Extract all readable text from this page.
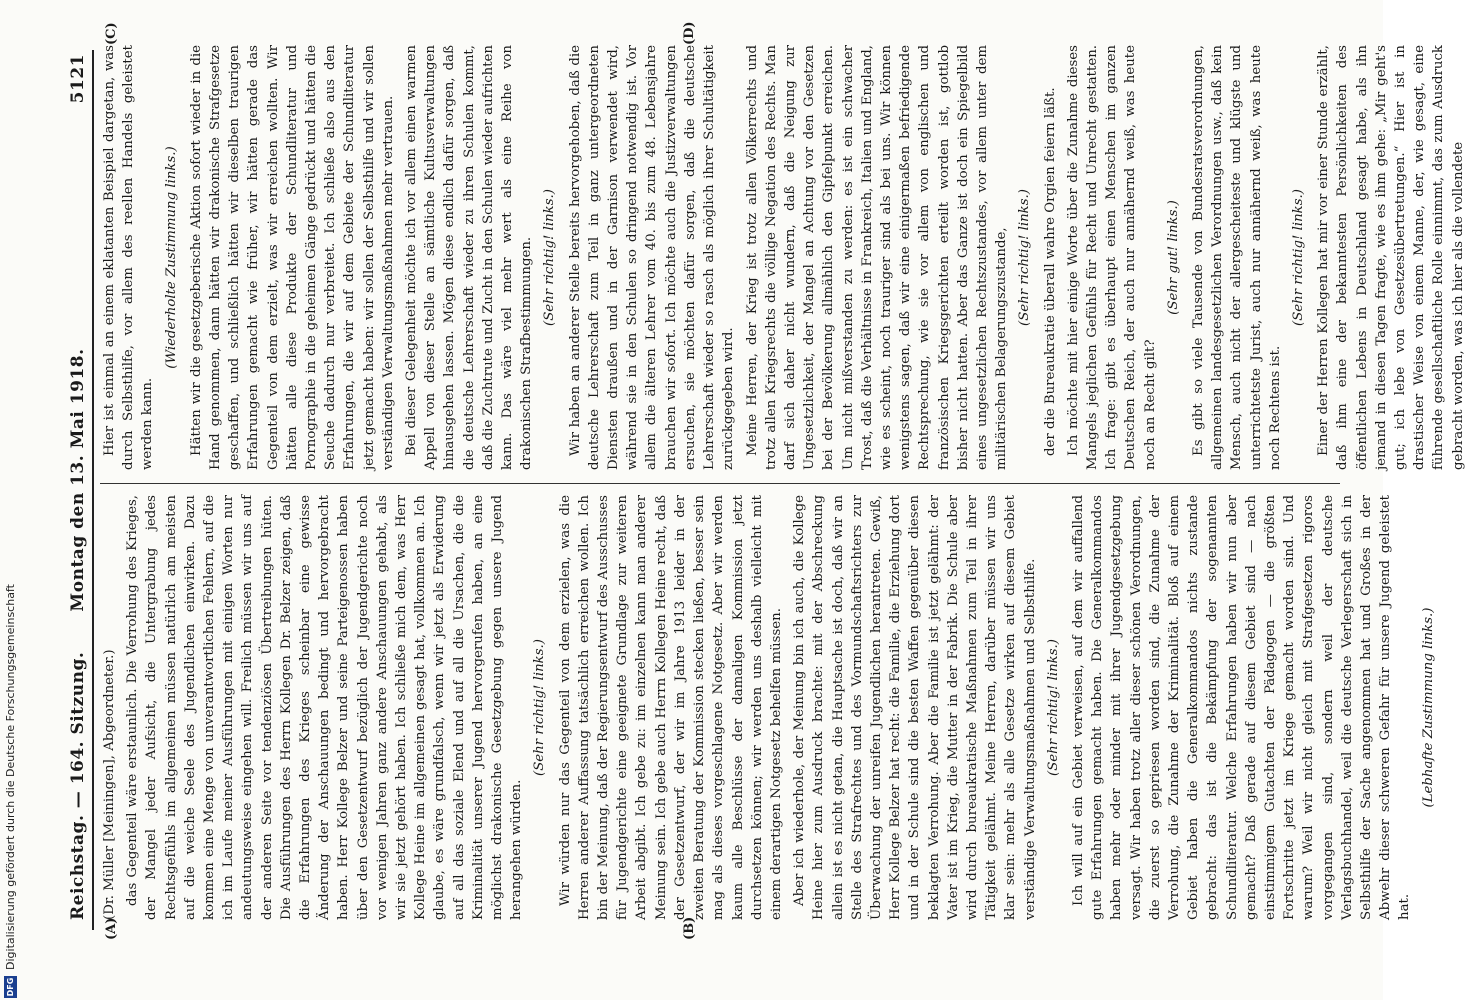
Reichstag. — 164. Sitzung.
Montag den 13. Mai 1918.
5121
(A)	(B)
(C)	(D)

(Dr. Müller [Meiningen], Abgeordneter.) das Gegenteil wäre erstaunlich. Die Verrohung des Krieges, der Mangel jeder Aufsicht, die Untergrabung jedes Rechtsgefühls im allgemeinen müssen natürlich am meisten auf die weiche Seele des Jugendlichen einwirken. Dazu kommen eine Menge von unverantwortlichen Fehlern, auf die ich im Laufe meiner Ausführungen mit einigen Worten nur andeutungsweise eingehen will. Freilich müssen wir uns auf der anderen Seite vor tendenziösen Übertreibungen hüten. Die Ausführungen des Herrn Kollegen Dr. Belzer zeigen, daß die Erfahrungen des Krieges scheinbar eine gewisse Änderung der Anschauungen bedingt und hervorgebracht haben. Herr Kollege Belzer und seine Parteigenossen haben über den Gesetzentwurf bezüglich der Jugendgerichte noch vor wenigen Jahren ganz andere Anschauungen gehabt, als wir sie jetzt gehört haben. Ich schließe mich dem, was Herr Kollege Heine im allgemeinen gesagt hat, vollkommen an. Ich glaube, es wäre grundfalsch, wenn wir jetzt als Erwiderung auf all das soziale Elend und auf all die Ursachen, die die Kriminalität unserer Jugend hervorgerufen haben, an eine möglichst drakonische Gesetzgebung gegen unsere Jugend herangehen würden.

(Sehr richtig! links.) Wir würden nur das Gegenteil von dem erzielen, was die Herren anderer Auffassung tatsächlich erreichen wollen. Ich bin der Meinung, daß der Regierungsentwurf des Ausschusses für Jugendgerichte eine geeignete Grundlage zur weiteren Arbeit abgibt. Ich gebe zu: im einzelnen kann man anderer Meinung sein. Ich gebe auch Herrn Kollegen Heine recht, daß der Gesetzentwurf, der wir im Jahre 1913 leider in der zweiten Beratung der Kommission stecken ließen, besser sein mag als dieses vorgeschlagene Notgesetz. Aber wir werden kaum alle Beschlüsse der damaligen Kommission jetzt durchsetzen können; wir werden uns deshalb vielleicht mit einem derartigen Notgesetz behelfen müssen. Aber ich wiederhole, der Meinung bin ich auch, die Kollege Heine hier zum Ausdruck brachte: mit der Abschreckung allein ist es nicht getan, die Hauptsache ist doch, daß wir an Stelle des Strafrechtes und des Vormundschaftsrichters zur Überwachung der unreifen Jugendlichen herantreten. Gewiß, Herr Kollege Belzer hat recht: die Familie, die Erziehung dort und in der Schule sind die besten Waffen gegenüber diesen beklagten Verrohung. Aber die Familie ist jetzt gelähmt: der Vater ist im Krieg, die Mutter in der Fabrik. Die Schule aber wird durch bureaukratische Maßnahmen zum Teil in ihrer Tätigkeit gelähmt. Meine Herren, darüber müssen wir uns klar sein: mehr als alle Gesetze wirken auf diesem Gebiet verständige Verwaltungsmaßnahmen und Selbsthilfe. (Sehr richtig! links.) Ich will auf ein Gebiet verweisen, auf dem wir auffallend gute Erfahrungen gemacht haben. Die Generalkommandos haben mehr oder minder mit ihrer Jugendgesetzgebung versagt. Wir haben trotz aller dieser schönen Verordnungen, die zuerst so gepriesen worden sind, die Zunahme der Verrohung, die Zunahme der Kriminalität. Bloß auf einem Gebiet haben die Generalkommandos nichts zustande gebracht: das ist die Bekämpfung der sogenannten Schundliteratur. Welche Erfahrungen haben wir nun aber gemacht? Daß gerade auf diesem Gebiet sind — nach einstimmigem Gutachten der Pädagogen — die größten Fortschritte jetzt im Kriege gemacht worden sind. Und warum? Weil wir nicht gleich mit Strafgesetzen rigoros vorgegangen sind, sondern weil der deutsche Verlagsbuchhandel, weil die deutsche Verlegerschaft sich in Selbsthilfe der Sache angenommen hat und Großes in der Abwehr dieser schweren Gefahr für unsere Jugend geleistet hat.

(Lebhafte Zustimmung links.)

Hier ist einmal an einem eklatanten Beispiel dargetan, was durch Selbsthilfe, vor allem des reellen Handels geleistet werden kann.

(Wiederholte Zustimmung links.) Hätten wir die gesetzgeberische Aktion sofort wieder in die Hand genommen, dann hätten wir drakonische Strafgesetze geschaffen, und schließlich hätten wir dieselben traurigen Erfahrungen gemacht wie früher, wir hätten gerade das Gegenteil von dem erzielt, was wir erreichen wollten. Wir hätten alle diese Produkte der Schundliteratur und Pornographie in die geheimen Gänge gedrückt und hätten die Seuche dadurch nur verbreitet. Ich schließe also aus den Erfahrungen, die wir auf dem Gebiete der Schundliteratur jetzt gemacht haben: wir sollen der Selbsthilfe und wir sollen verständigen Verwaltungsmaßnahmen mehr vertrauen. Bei dieser Gelegenheit möchte ich vor allem einen warmen Appell von dieser Stelle an sämtliche Kultusverwaltungen hinausgehen lassen. Mögen diese endlich dafür sorgen, daß die deutsche Lehrerschaft wieder zu ihren Schulen kommt, daß die Zuchtrute und Zucht in den Schulen wieder aufrichten kann. Das wäre viel mehr wert als eine Reihe von drakonischen Strafbestimmungen. (Sehr richtig! links.) Wir haben an anderer Stelle bereits hervorgehoben, daß die deutsche Lehrerschaft zum Teil in ganz untergeordneten Diensten draußen und in der Garnison verwendet wird, während sie in den Schulen so dringend notwendig ist. Vor allem die älteren Lehrer vom 40. bis zum 48. Lebensjahre brauchen wir sofort. Ich möchte auch die Justizverwaltungen ersuchen, sie möchten dafür sorgen, daß die deutsche Lehrerschaft wieder so rasch als möglich ihrer Schultätigkeit zurückgegeben wird. Meine Herren, der Krieg ist trotz allen Völkerrechts und trotz allen Kriegsrechts die völlige Negation des Rechts. Man darf sich daher nicht wundern, daß die Neigung zur Ungesetzlichkeit, der Mangel an Achtung vor den Gesetzen bei der Bevölkerung allmählich den Gipfelpunkt erreichen. Um nicht mißverstanden zu werden: es ist ein schwacher Trost, daß die Verhältnisse in Frankreich, Italien und England, wie es scheint, noch trauriger sind als bei uns. Wir können wenigstens sagen, daß wir eine einigermaßen befriedigende Rechtsprechung, wie sie vor allem von englischen und französischen Kriegsgerichten erteilt worden ist, gottlob bisher nicht hatten. Aber das Ganze ist doch ein Spiegelbild eines ungesetzlichen Rechtszustandes, vor allem unter dem militärischen Belagerungszustande, (Sehr richtig! links.) der die Bureaukratie überall wahre Orgien feiern läßt. Ich möchte mit hier einige Worte über die Zunahme dieses Mangels jeglichen Gefühls für Recht und Unrecht gestatten. Ich frage: gibt es überhaupt einen Menschen im ganzen Deutschen Reich, der auch nur annähernd weiß, was heute noch an Recht gilt?

(Sehr gut! links.) Es gibt so viele Tausende von Bundesratsverordnungen, allgemeinen landesgesetzlichen Verordnungen usw., daß kein Mensch, auch nicht der allergescheiteste und klügste und unterrichtetste Jurist, auch nur annähernd weiß, was heute noch Rechtens ist.

(Sehr richtig! links.) Einer der Herren Kollegen hat mir vor einer Stunde erzählt, daß ihm eine der bekanntesten Persönlichkeiten des öffentlichen Lebens in Deutschland gesagt habe, als ihn jemand in diesen Tagen fragte, wie es ihm gehe: „Mir geht's gut; ich lebe von Gesetzesübertretungen.“ Hier ist in drastischer Weise von einem Manne, der, wie gesagt, eine führende gesellschaftliche Rolle einnimmt, das zum Ausdruck gebracht worden, was ich hier als die vollendete

Digitalisierung gefördert durch die Deutsche Forschungsgemeinschaft
DFG
